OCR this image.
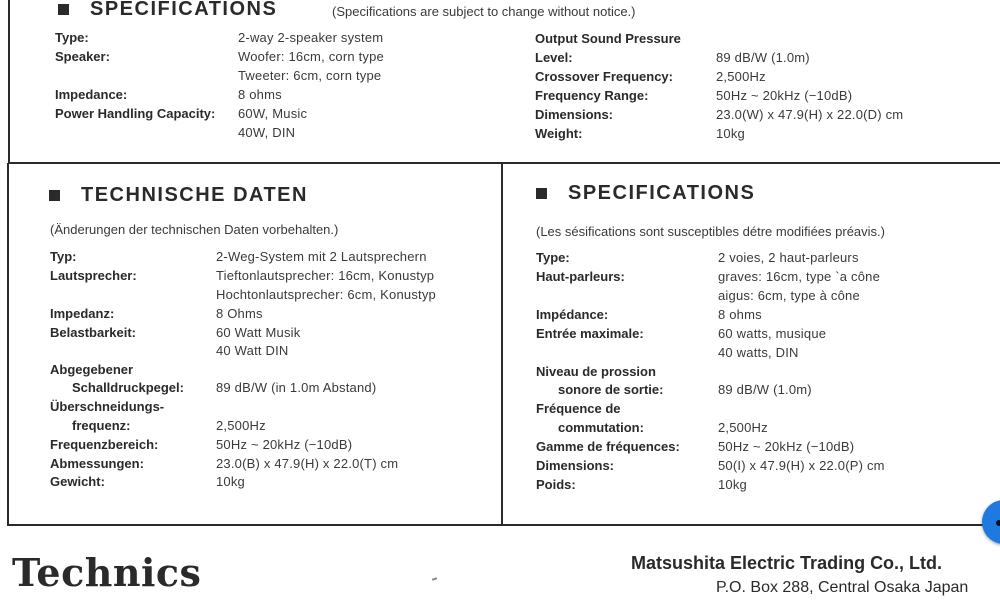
SPECIFICATIONS	(Specifications are subject to change without notice.)
Type:
Speaker:
Impedance:
Power Handling Capacity:
2-way 2-speaker system
Woofer: 16cm, corn type
Tweeter: 6cm, corn type
8 ohms
60W, Music
40W, DIN
Output Sound Pressure
Level:
Crossover Frequency:
Frequency Range:
Dimensions:
Weight:
89 dB/W (1.0m)
2,500Hz
50Hz ~ 20kHz (−10dB)
23.0(W) x 47.9(H) x 22.0(D) cm
10kg
TECHNISCHE DATEN
(Änderungen der technischen Daten vorbehalten.)
Typ:
Lautsprecher:
Impedanz:
Belastbarkeit:
Abgegebener
Schalldruckpegel:
Überschneidungs-
frequenz:
Frequenzbereich:
Abmessungen:
Gewicht:
2-Weg-System mit 2 Lautsprechern
Tieftonlautsprecher: 16cm, Konustyp
Hochtonlautsprecher: 6cm, Konustyp
8 Ohms
60 Watt Musik
40 Watt DIN
89 dB/W (in 1.0m Abstand)
2,500Hz
50Hz ~ 20kHz (−10dB)
23.0(B) x 47.9(H) x 22.0(T) cm
10kg
SPECIFICATIONS
(Les sésifications sont susceptibles détre modifiées préavis.)
Type:
Haut-parleurs:
Impédance:
Entrée maximale:
Niveau de prossion
sonore de sortie:
Fréquence de
commutation:
Gamme de fréquences:
Dimensions:
Poids:
2 voies, 2 haut-parleurs
graves: 16cm, type `a cône
aigus: 6cm, type à cône
8 ohms
60 watts, musique
40 watts, DIN
89 dB/W (1.0m)
2,500Hz
50Hz ~ 20kHz (−10dB)
50(I) x 47.9(H) x 22.0(P) cm
10kg
Technics	Matsushita Electric Trading Co., Ltd.
P.O. Box 288, Central Osaka Japan
